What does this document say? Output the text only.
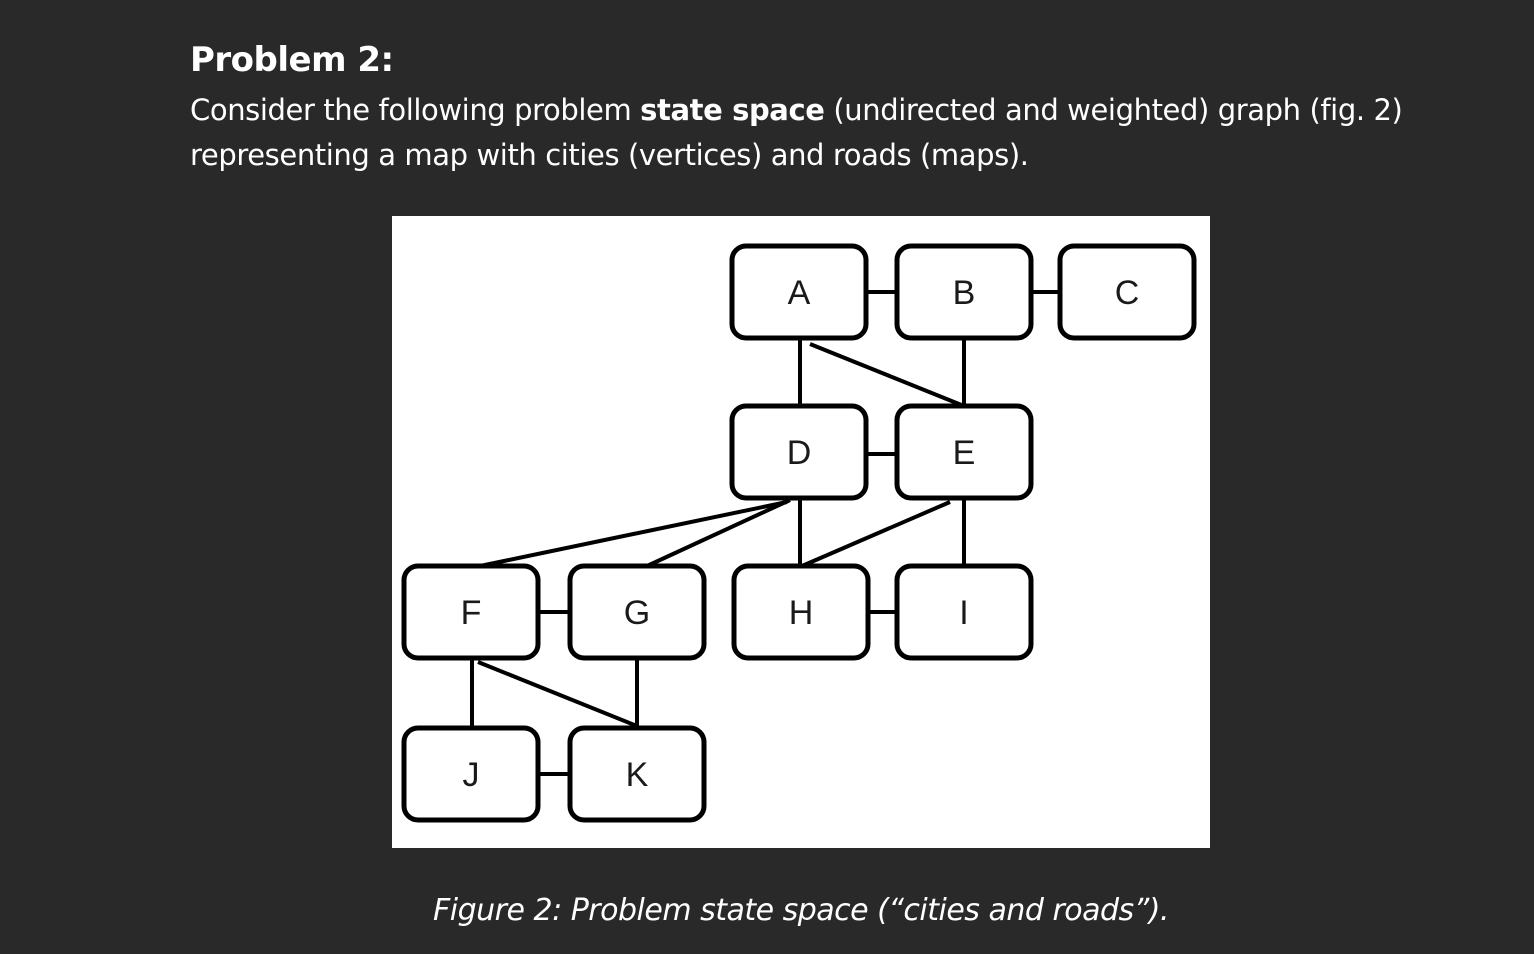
Problem 2:
Consider the following problem state space (undirected and weighted) graph (fig. 2)
representing a map with cities (vertices) and roads (maps).
A	B	C
D	E
F	G	H	I
J	K
Figure 2: Problem state space (“cities and roads”).
